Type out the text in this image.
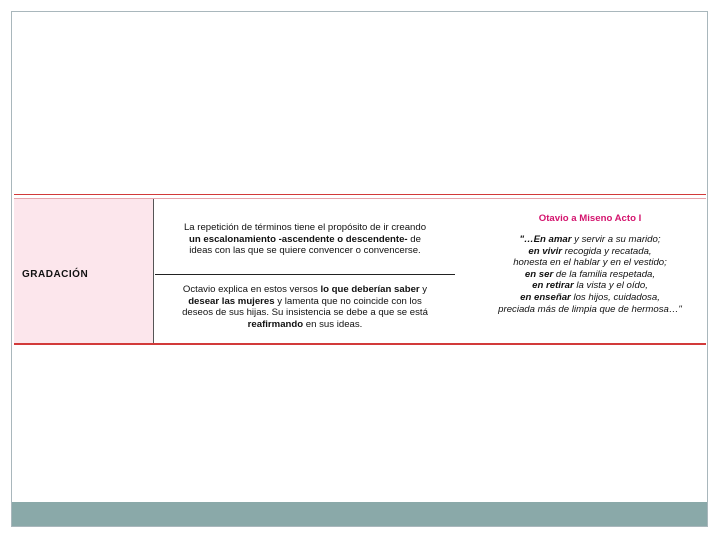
GRADACIÓN
La repetición de términos tiene el propósito de ir creando
un escalonamiento -ascendente o descendente- de
ideas con las que se quiere convencer o convencerse.
Octavio explica en estos versos lo que deberían saber y
desear las mujeres y lamenta que no coincide con los
deseos de sus hijas. Su insistencia se debe a que se está
reafirmando en sus ideas.
Otavio a Miseno Acto I
"…En amar y servir a su marido;
en vivir recogida y recatada,
honesta en el hablar y en el vestido;
en ser de la familia respetada,
en retirar la vista y el oído,
en enseñar los hijos, cuidadosa,
preciada más de limpia que de hermosa…"
